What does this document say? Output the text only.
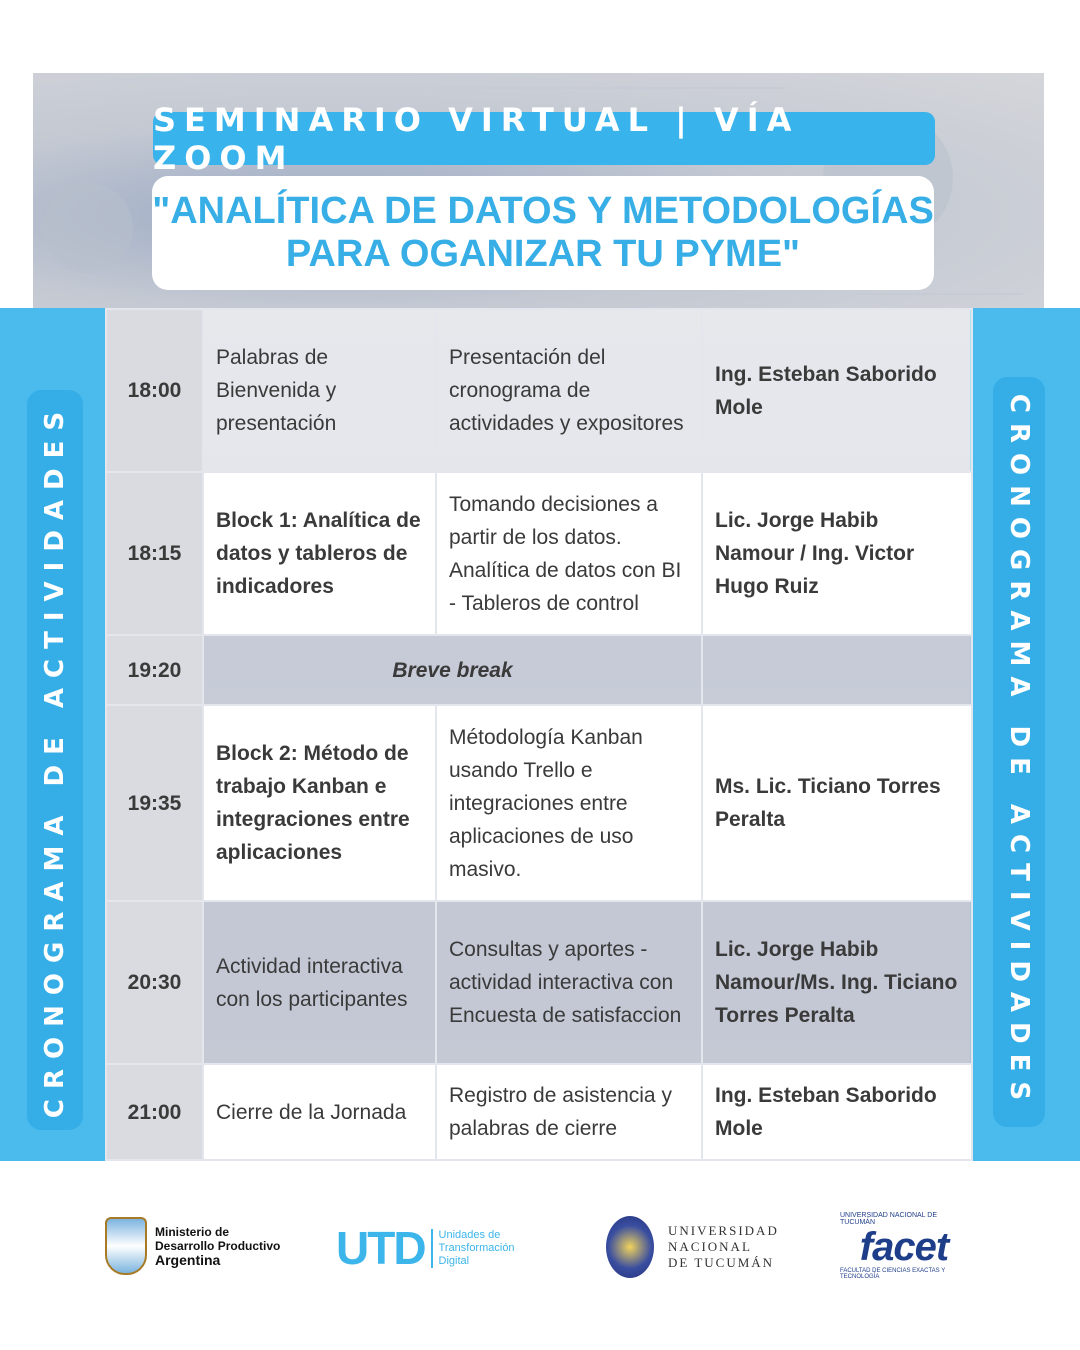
SEMINARIO VIRTUAL | VÍA ZOOM
"ANALÍTICA DE DATOS Y METODOLOGÍAS
PARA OGANIZAR TU PYME"
CRONOGRAMA DE ACTIVIDADES	CRONOGRAMA DE ACTIVIDADES
18:00	Palabras de Bienvenida y presentación	Presentación del cronograma de actividades y expositores	Ing. Esteban Saborido Mole
18:15	Block 1: Analítica de datos y tableros de indicadores	Tomando decisiones a partir de los datos. Analítica de datos con BI - Tableros de control	Lic. Jorge Habib Namour / Ing. Victor Hugo Ruiz
19:20	Breve break		
19:35	Block 2: Método de trabajo Kanban e integraciones entre aplicaciones	Métodología Kanban usando Trello e integraciones entre aplicaciones de uso masivo.	Ms. Lic. Ticiano Torres Peralta
20:30	Actividad interactiva con los participantes	Consultas y aportes - actividad interactiva con Encuesta de satisfaccion	Lic. Jorge Habib Namour/Ms. Ing. Ticiano Torres Peralta
21:00	Cierre de la Jornada	Registro de asistencia y palabras de cierre	Ing. Esteban Saborido Mole
Ministerio de
Desarrollo Productivo
Argentina	UTD Unidades de
Transformación
Digital
UNIVERSIDAD
NACIONAL
DE TUCUMÁN
UNIVERSIDAD NACIONAL DE TUCUMÁN
facet
FACULTAD DE CIENCIAS EXACTAS Y TECNOLOGÍA
